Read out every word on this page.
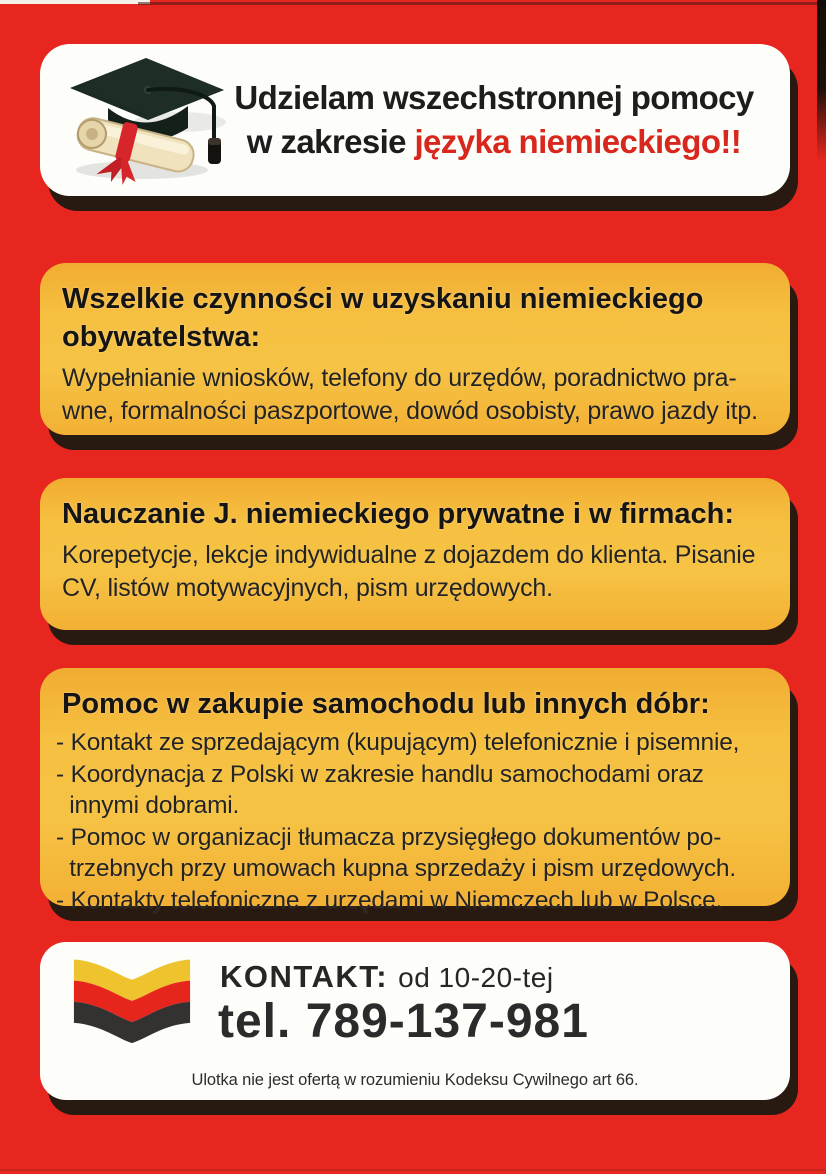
Udzielam wszechstronnej pomocy
w zakresie języka niemieckiego!!
Wszelkie czynności w uzyskaniu niemieckiego
obywatelstwa:
Wypełnianie wniosków, telefony do urzędów, poradnictwo pra-
wne, formalności paszportowe, dowód osobisty, prawo jazdy itp.
Nauczanie J. niemieckiego prywatne i w firmach:
Korepetycje, lekcje indywidualne z dojazdem do klienta. Pisanie
CV, listów motywacyjnych, pism urzędowych.
Pomoc w zakupie samochodu lub innych dóbr:
- Kontakt ze sprzedającym (kupującym) telefonicznie i pisemnie,
- Koordynacja z Polski w zakresie handlu samochodami oraz
innymi dobrami.
- Pomoc w organizacji tłumacza przysięgłego dokumentów po-
trzebnych przy umowach kupna sprzedaży i pism urzędowych.
- Kontakty telefoniczne z urzędami w Niemczech lub w Polsce.
KONTAKT: od 10-20-tej
tel. 789-137-981
Ulotka nie jest ofertą w rozumieniu Kodeksu Cywilnego art 66.
